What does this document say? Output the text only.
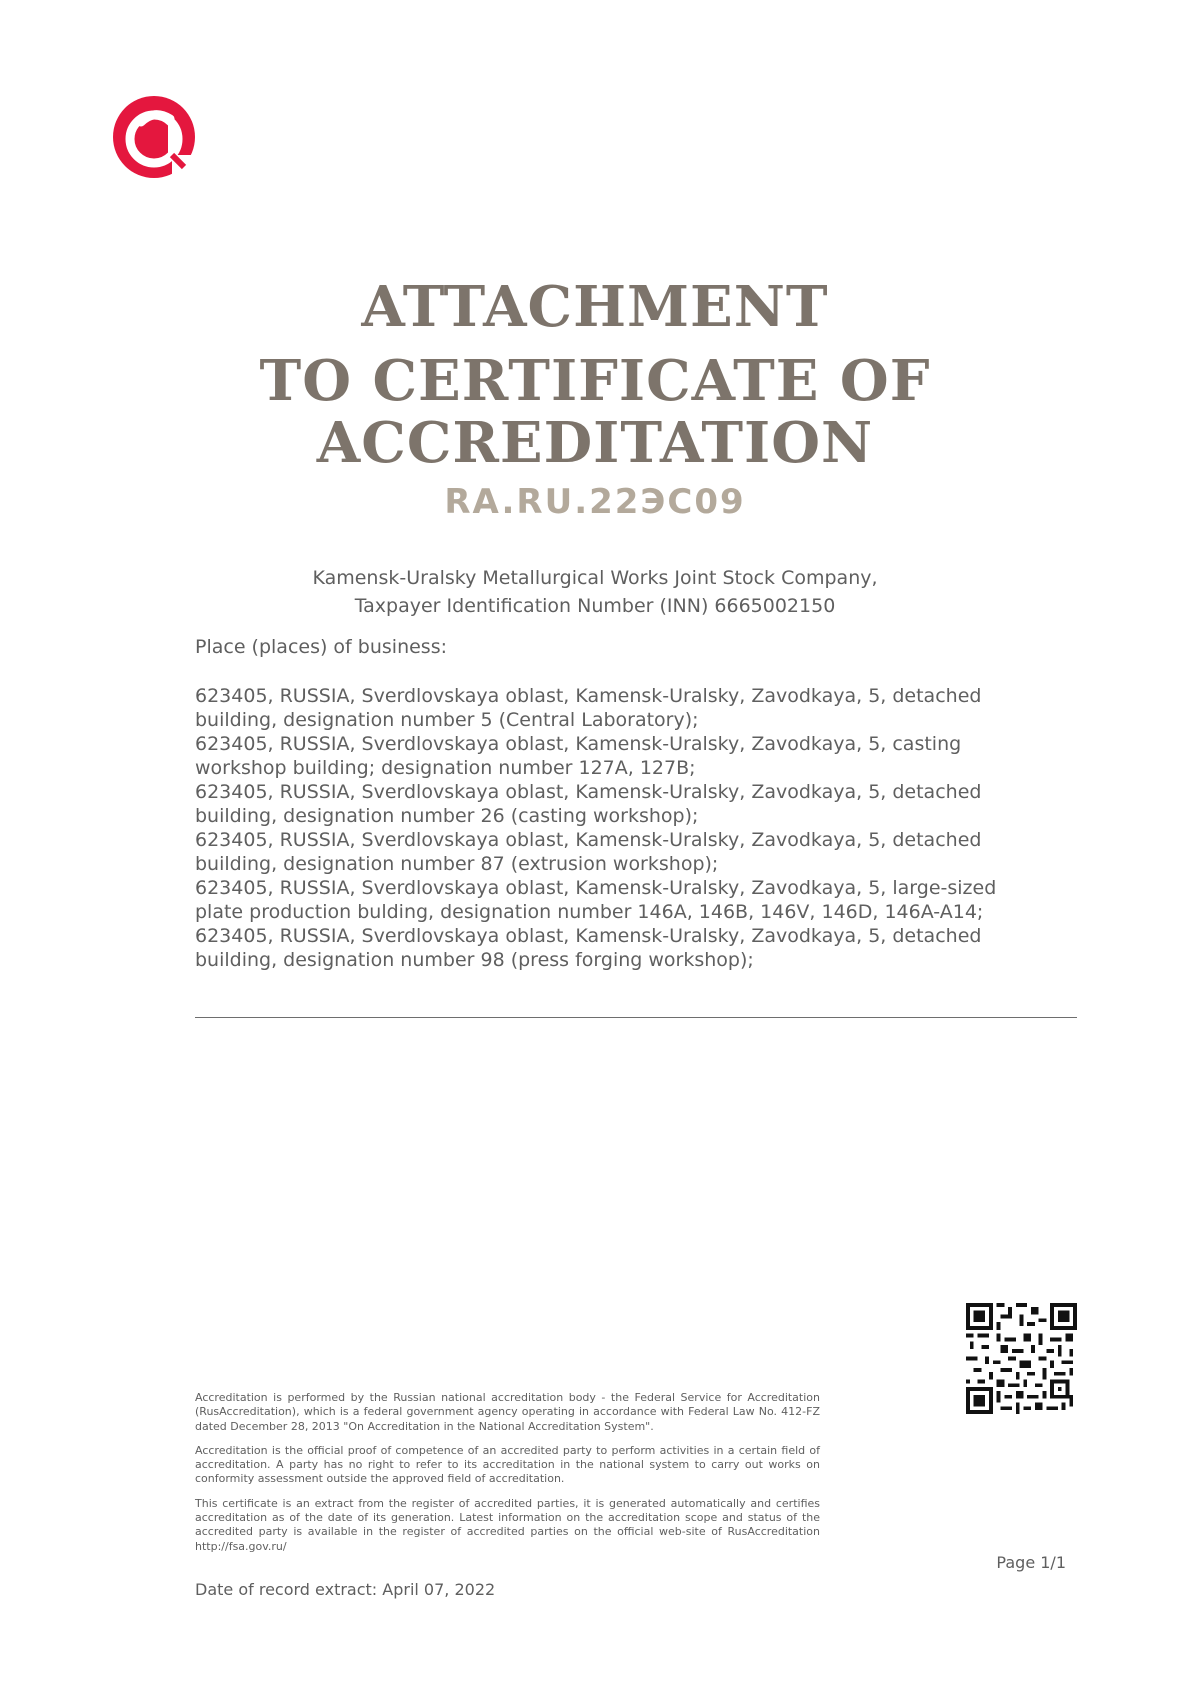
ATTACHMENT
TO CERTIFICATE OF
ACCREDITATION
RA.RU.22ЭС09
Kamensk-Uralsky Metallurgical Works Joint Stock Company,
Taxpayer Identification Number (INN) 6665002150
Place (places) of business:
623405, RUSSIA, Sverdlovskaya oblast, Kamensk-Uralsky, Zavodkaya, 5, detached building, designation number 5 (Central Laboratory);
623405, RUSSIA, Sverdlovskaya oblast, Kamensk-Uralsky, Zavodkaya, 5, casting workshop building; designation number 127A, 127B;
623405, RUSSIA, Sverdlovskaya oblast, Kamensk-Uralsky, Zavodkaya, 5, detached building, designation number 26 (casting workshop);
623405, RUSSIA, Sverdlovskaya oblast, Kamensk-Uralsky, Zavodkaya, 5, detached building, designation number 87 (extrusion workshop);
623405, RUSSIA, Sverdlovskaya oblast, Kamensk-Uralsky, Zavodkaya, 5, large-sized plate production bulding, designation number 146A, 146B, 146V, 146D, 146A-A14;
623405, RUSSIA, Sverdlovskaya oblast, Kamensk-Uralsky, Zavodkaya, 5, detached building, designation number 98 (press forging workshop);

Accreditation is performed by the Russian national accreditation body - the Federal Service for Accreditation (RusAccreditation), which is a federal government agency operating in accordance with Federal Law No. 412-FZ dated December 28, 2013 "On Accreditation in the National Accreditation System".

Accreditation is the official proof of competence of an accredited party to perform activities in a certain field of accreditation. A party has no right to refer to its accreditation in the national system to carry out works on conformity assessment outside the approved field of accreditation.

This certificate is an extract from the register of accredited parties, it is generated automatically and certifies accreditation as of the date of its generation. Latest information on the accreditation scope and status of the accredited party is available in the register of accredited parties on the official web-site of RusAccreditation http://fsa.gov.ru/

Page 1/1
Date of record extract: April 07, 2022
